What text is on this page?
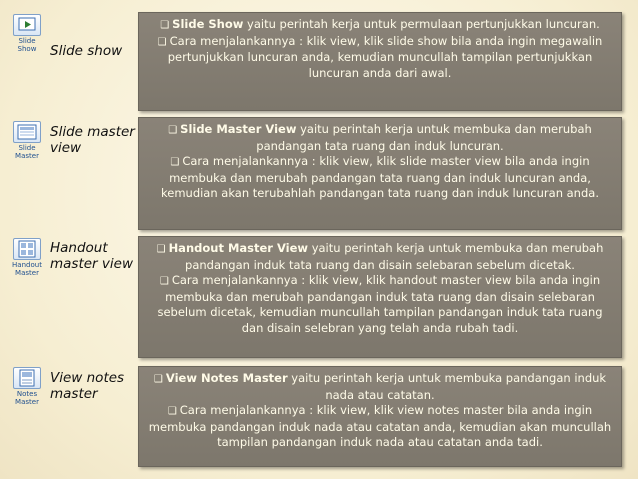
Slide Show	Slide show

❑ Slide Show yaitu perintah kerja untuk permulaan pertunjukkan luncuran.

❑ Cara menjalankannya : klik view, klik slide show bila anda ingin megawalin pertunjukkan luncuran anda, kemudian muncullah tampilan pertunjukkan luncuran anda dari awal.

Slide Master
Slide master view

❑ Slide Master View yaitu perintah kerja untuk membuka dan merubah pandangan tata ruang dan induk luncuran.

❑ Cara menjalankannya : klik view, klik slide master view bila anda ingin membuka dan merubah pandangan tata ruang dan induk luncuran anda, kemudian akan terubahlah pandangan tata ruang dan induk luncuran anda.

Handout Master
Handout master view

❑ Handout Master View yaitu perintah kerja untuk membuka dan merubah pandangan induk tata ruang dan disain selebaran sebelum dicetak.

❑ Cara menjalankannya : klik view, klik handout master view bila anda ingin membuka dan merubah pandangan induk tata ruang dan disain selebaran sebelum dicetak, kemudian muncullah tampilan pandangan induk tata ruang dan disain selebran yang telah anda rubah tadi.

Notes Master
View notes master

❑ View Notes Master yaitu perintah kerja untuk membuka pandangan induk nada atau catatan.

❑ Cara menjalankannya : klik view, klik view notes master bila anda ingin membuka pandangan induk nada atau catatan anda, kemudian akan muncullah tampilan pandangan induk nada atau catatan anda tadi.
